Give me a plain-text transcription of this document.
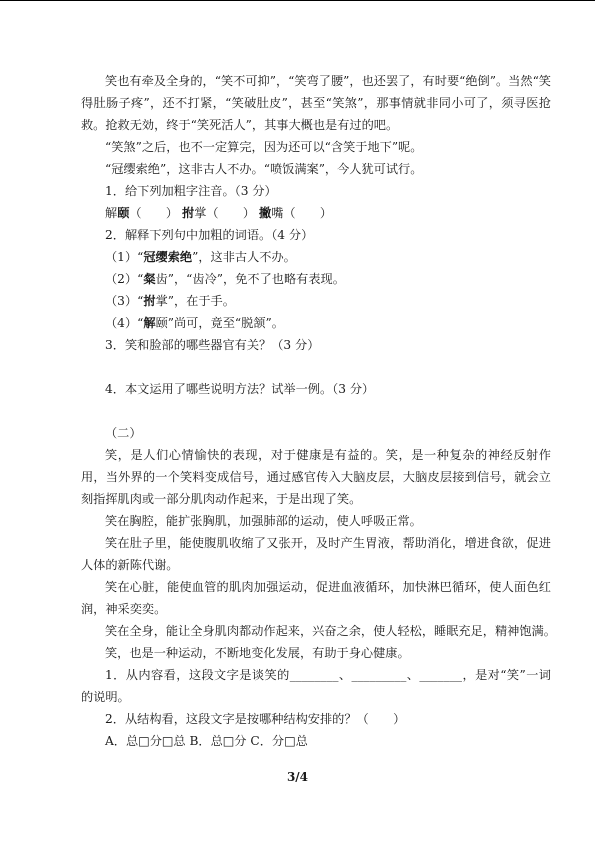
笑也有牵及全身的，“笑不可抑”，“笑弯了腰”，也还罢了，有时要“绝倒”。当然“笑得肚肠子疼”，还不打紧，“笑破肚皮”，甚至“笑煞”，那事情就非同小可了，须寻医抢救。抢救无効，终于“笑死活人”，其事大概也是有过的吧。

“笑煞”之后，也不一定算完，因为还可以“含笑于地下”呢。

“冠缨索绝”，这非古人不办。“喷饭满案”，今人犹可试行。

1．给下列加粗字注音。（3 分）

解颐（　　） 拊掌（　　） 撇嘴（　　）

2．解释下列句中加粗的词语。（4 分）

（1）“冠缨索绝”，这非古人不办。

（2）“粲齿”，“齿冷”，免不了也略有表现。

（3）“拊掌”，在于手。

（4）“解颐”尚可，竟至“脱颔”。

3．笑和脸部的哪些器官有关？（3 分）

4．本文运用了哪些说明方法？试举一例。（3 分）

（二）

笑，是人们心情愉快的表现，对于健康是有益的。笑，是一种复杂的神经反射作用，当外界的一个笑料变成信号，通过感官传入大脑皮层，大脑皮层接到信号，就会立刻指挥肌肉或一部分肌肉动作起来，于是出现了笑。

笑在胸腔，能扩张胸肌，加强肺部的运动，使人呼吸正常。

笑在肚子里，能使腹肌收缩了又张开，及时产生胃液，帮助消化，增进食欲，促进人体的新陈代谢。

笑在心脏，能使血管的肌肉加强运动，促进血液循环，加快淋巴循环，使人面色红润，神采奕奕。

笑在全身，能让全身肌肉都动作起来，兴奋之余，使人轻松，睡眠充足，精神饱满。

笑，也是一种运动，不断地变化发展，有助于身心健康。

1．从内容看，这段文字是谈笑的________、_________、_______，是对“笑”一词的说明。

2．从结构看，这段文字是按哪种结构安排的？（　　）

A．总□分□总 B．总□分 C．分□总

3/4
